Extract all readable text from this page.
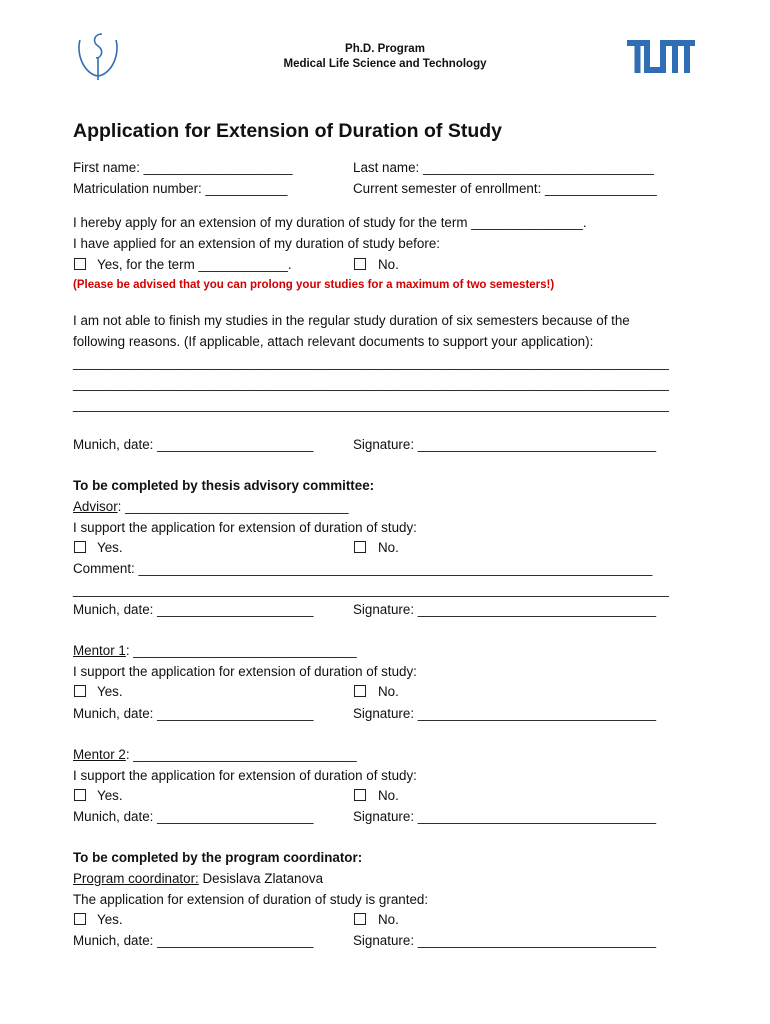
Ph.D. Program
Medical Life Science and Technology
Application for Extension of Duration of Study
First name: ____________________	Last name: _______________________________
Matriculation number: ___________	Current semester of enrollment: _______________
I hereby apply for an extension of my duration of study for the term _______________.
I have applied for an extension of my duration of study before:
Yes, for the term ____________.	No.
(Please be advised that you can prolong your studies for a maximum of two semesters!)
I am not able to finish my studies in the regular study duration of six semesters because of the
following reasons. (If applicable, attach relevant documents to support your application):
________________________________________________________________________________
________________________________________________________________________________
________________________________________________________________________________
Munich, date: _____________________	Signature: ________________________________
To be completed by thesis advisory committee:
Advisor: ______________________________
I support the application for extension of duration of study:
Yes.	No.
Comment: _____________________________________________________________________
________________________________________________________________________________
Munich, date: _____________________	Signature: ________________________________
Mentor 1: ______________________________
I support the application for extension of duration of study:
Yes.	No.
Munich, date: _____________________	Signature: ________________________________
Mentor 2: ______________________________
I support the application for extension of duration of study:
Yes.	No.
Munich, date: _____________________	Signature: ________________________________
To be completed by the program coordinator:
Program coordinator: Desislava Zlatanova
The application for extension of duration of study is granted:
Yes.	No.
Munich, date: _____________________	Signature: ________________________________
